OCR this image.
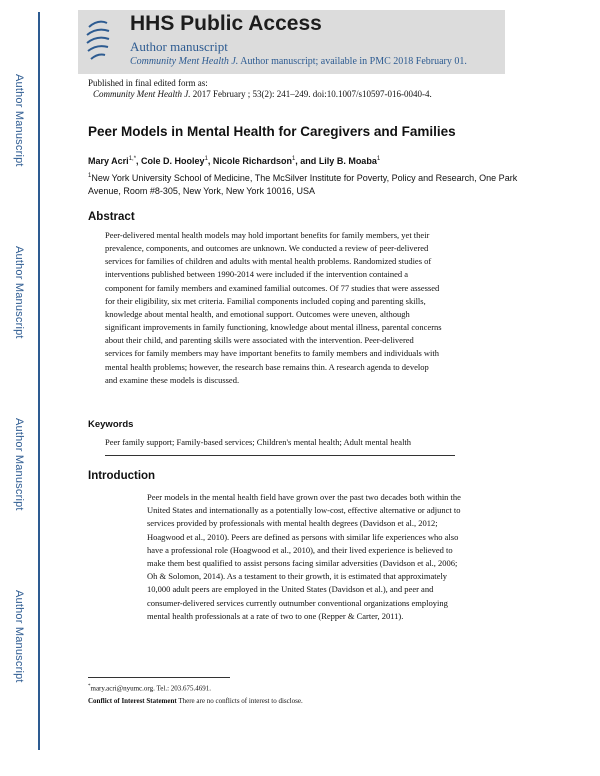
Author Manuscript
Author Manuscript
Author Manuscript
Author Manuscript
HHS Public Access
Author manuscript
Community Ment Health J. Author manuscript; available in PMC 2018 February 01.
Published in final edited form as:
Community Ment Health J. 2017 February ; 53(2): 241–249. doi:10.1007/s10597-016-0040-4.
Peer Models in Mental Health for Caregivers and Families
Mary Acri$^{1,*}$, Cole D. Hooley$^1$, Nicole Richardson$^1$, and Lily B. Moaba$^1$
$^1$New York University School of Medicine, The McSilver Institute for Poverty, Policy and Research, One Park Avenue, Room #8-305, New York, New York 10016, USA
Abstract
Peer-delivered mental health models may hold important benefits for family members, yet their
prevalence, components, and outcomes are unknown. We conducted a review of peer-delivered
services for families of children and adults with mental health problems. Randomized studies of
interventions published between 1990-2014 were included if the intervention contained a
component for family members and examined familial outcomes. Of 77 studies that were assessed
for their eligibility, six met criteria. Familial components included coping and parenting skills,
knowledge about mental health, and emotional support. Outcomes were uneven, although
significant improvements in family functioning, knowledge about mental illness, parental concerns
about their child, and parenting skills were associated with the intervention. Peer-delivered
services for family members may have important benefits to family members and individuals with
mental health problems; however, the research base remains thin. A research agenda to develop
and examine these models is discussed.
Keywords
Peer family support; Family-based services; Children's mental health; Adult mental health
Introduction
Peer models in the mental health field have grown over the past two decades both within the
United States and internationally as a potentially low-cost, effective alternative or adjunct to
services provided by professionals with mental health degrees (Davidson et al., 2012;
Hoagwood et al., 2010). Peers are defined as persons with similar life experiences who also
have a professional role (Hoagwood et al., 2010), and their lived experience is believed to
make them best qualified to assist persons facing similar adversities (Davidson et al., 2006;
Oh & Solomon, 2014). As a testament to their growth, it is estimated that approximately
10,000 adult peers are employed in the United States (Davidson et al.), and peer and
consumer-delivered services currently outnumber conventional organizations employing
mental health professionals at a rate of two to one (Repper & Carter, 2011).
*mary.acri@nyumc.org. Tel.: 203.675.4691.
Conflict of Interest Statement There are no conflicts of interest to disclose.
